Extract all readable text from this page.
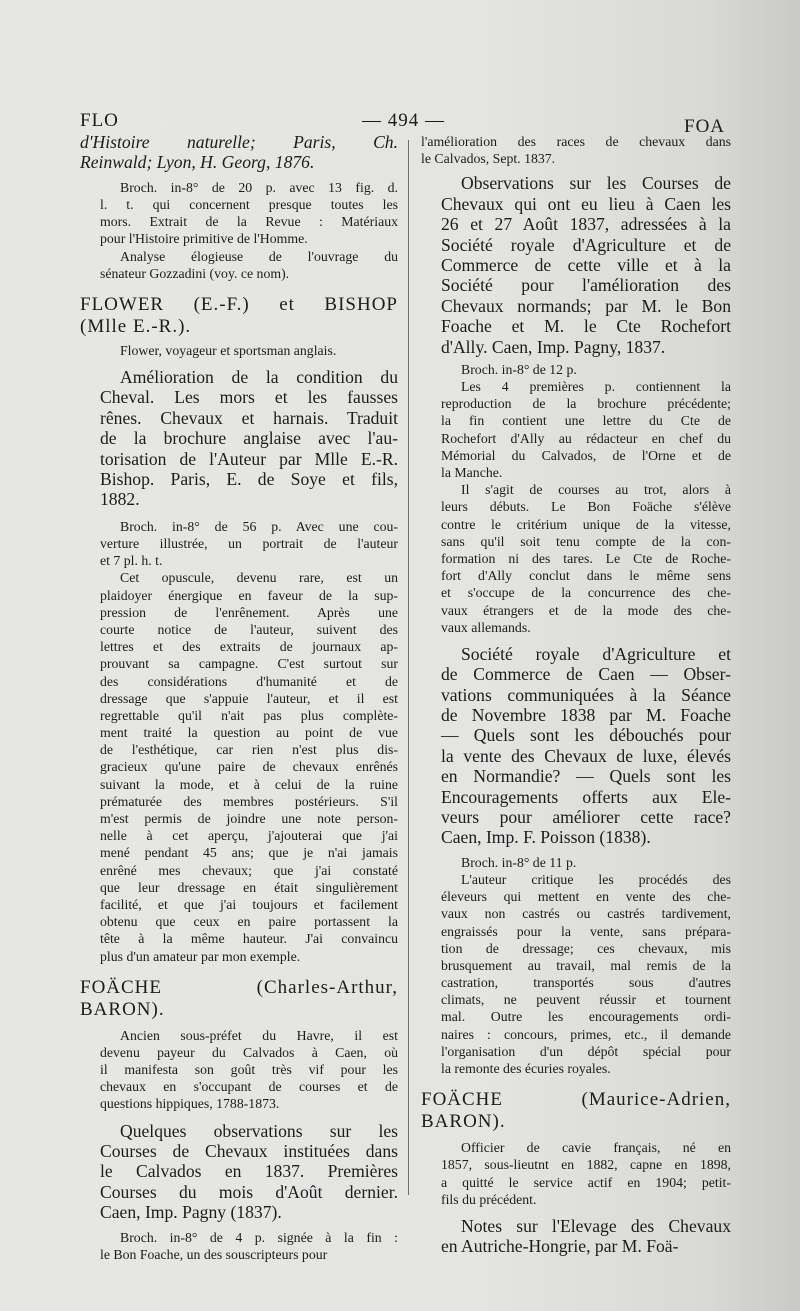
FLO	— 494 —	FOA
d'Histoire naturelle; Paris, Ch.
Reinwald; Lyon, H. Georg, 1876.
Broch. in-8° de 20 p. avec 13 fig. d.
l. t. qui concernent presque toutes les
mors. Extrait de la Revue : Matériaux
pour l'Histoire primitive de l'Homme.
Analyse élogieuse de l'ouvrage du
sénateur Gozzadini (voy. ce nom).
FLOWER (E.-F.) et BISHOP
(Mlle E.-R.).
Flower, voyageur et sportsman anglais.
Amélioration de la condition du
Cheval. Les mors et les fausses
rênes. Chevaux et harnais. Traduit
de la brochure anglaise avec l'au-
torisation de l'Auteur par Mlle E.-R.
Bishop. Paris, E. de Soye et fils,
1882.
Broch. in-8° de 56 p. Avec une cou-
verture illustrée, un portrait de l'auteur
et 7 pl. h. t.
Cet opuscule, devenu rare, est un
plaidoyer énergique en faveur de la sup-
pression de l'enrênement. Après une
courte notice de l'auteur, suivent des
lettres et des extraits de journaux ap-
prouvant sa campagne. C'est surtout sur
des considérations d'humanité et de
dressage que s'appuie l'auteur, et il est
regrettable qu'il n'ait pas plus complète-
ment traité la question au point de vue
de l'esthétique, car rien n'est plus dis-
gracieux qu'une paire de chevaux enrênés
suivant la mode, et à celui de la ruine
prématurée des membres postérieurs. S'il
m'est permis de joindre une note person-
nelle à cet aperçu, j'ajouterai que j'ai
mené pendant 45 ans; que je n'ai jamais
enrêné mes chevaux; que j'ai constaté
que leur dressage en était singulièrement
facilité, et que j'ai toujours et facilement
obtenu que ceux en paire portassent la
tête à la même hauteur. J'ai convaincu
plus d'un amateur par mon exemple.
FOÄCHE (Charles-Arthur,
BARON).
Ancien sous-préfet du Havre, il est
devenu payeur du Calvados à Caen, où
il manifesta son goût très vif pour les
chevaux en s'occupant de courses et de
questions hippiques, 1788-1873.
Quelques observations sur les
Courses de Chevaux instituées dans
le Calvados en 1837. Premières
Courses du mois d'Août dernier.
Caen, Imp. Pagny (1837).
Broch. in-8° de 4 p. signée à la fin :
le Bon Foache, un des souscripteurs pour
l'amélioration des races de chevaux dans
le Calvados, Sept. 1837.
Observations sur les Courses de
Chevaux qui ont eu lieu à Caen les
26 et 27 Août 1837, adressées à la
Société royale d'Agriculture et de
Commerce de cette ville et à la
Société pour l'amélioration des
Chevaux normands; par M. le Bon
Foache et M. le Cte Rochefort
d'Ally. Caen, Imp. Pagny, 1837.
Broch. in-8° de 12 p.
Les 4 premières p. contiennent la
reproduction de la brochure précédente;
la fin contient une lettre du Cte de
Rochefort d'Ally au rédacteur en chef du
Mémorial du Calvados, de l'Orne et de
la Manche.
Il s'agit de courses au trot, alors à
leurs débuts. Le Bon Foäche s'élève
contre le critérium unique de la vitesse,
sans qu'il soit tenu compte de la con-
formation ni des tares. Le Cte de Roche-
fort d'Ally conclut dans le même sens
et s'occupe de la concurrence des che-
vaux étrangers et de la mode des che-
vaux allemands.
Société royale d'Agriculture et
de Commerce de Caen — Obser-
vations communiquées à la Séance
de Novembre 1838 par M. Foache
— Quels sont les débouchés pour
la vente des Chevaux de luxe, élevés
en Normandie? — Quels sont les
Encouragements offerts aux Ele-
veurs pour améliorer cette race?
Caen, Imp. F. Poisson (1838).
Broch. in-8° de 11 p.
L'auteur critique les procédés des
éleveurs qui mettent en vente des che-
vaux non castrés ou castrés tardivement,
engraissés pour la vente, sans prépara-
tion de dressage; ces chevaux, mis
brusquement au travail, mal remis de la
castration, transportés sous d'autres
climats, ne peuvent réussir et tournent
mal. Outre les encouragements ordi-
naires : concours, primes, etc., il demande
l'organisation d'un dépôt spécial pour
la remonte des écuries royales.
FOÄCHE (Maurice-Adrien,
BARON).
Officier de cavie français, né en
1857, sous-lieutnt en 1882, capne en 1898,
a quitté le service actif en 1904; petit-
fils du précédent.
Notes sur l'Elevage des Chevaux
en Autriche-Hongrie, par M. Foä-
